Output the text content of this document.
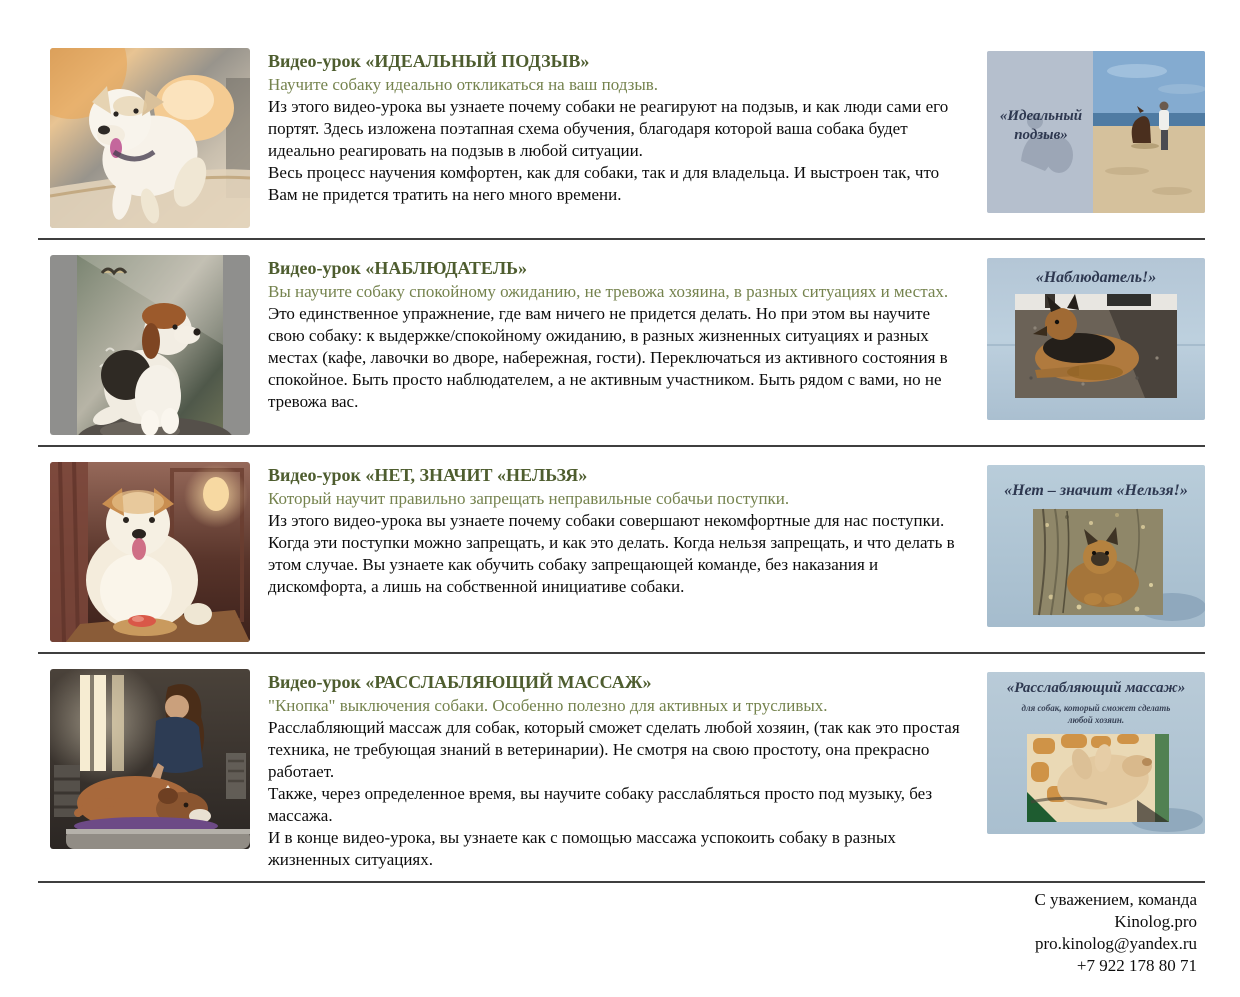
Видео-урок «ИДЕАЛЬНЫЙ ПОДЗЫВ»

Научите собаку идеально откликаться на ваш подзыв.

Из этого видео-урока вы узнаете почему собаки не реагируют на подзыв, и как люди сами его портят. Здесь изложена поэтапная схема обучения, благодаря которой ваша собака будет идеально реагировать на подзыв в любой ситуации.

Весь процесс научения комфортен, как для собаки, так и для владельца. И выстроен так, что Вам не придется тратить на него много времени.

«Идеальный подзыв»
Видео-урок «НАБЛЮДАТЕЛЬ»

Вы научите собаку спокойному ожиданию, не тревожа хозяина, в разных ситуациях и местах.

Это единственное упражнение, где вам ничего не придется делать. Но при этом вы научите свою собаку: к выдержке/спокойному ожиданию, в разных жизненных ситуациях и разных местах (кафе, лавочки во дворе, набережная, гости). Переключаться из активного состояния в спокойное. Быть просто наблюдателем, а не активным участником. Быть рядом с вами, но не тревожа вас.

«Наблюдатель!»
Видео-урок «НЕТ, ЗНАЧИТ «НЕЛЬЗЯ»

Который научит правильно запрещать неправильные собачьи поступки.

Из этого видео-урока вы узнаете почему собаки совершают некомфортные для нас поступки. Когда эти поступки можно запрещать, и как это делать. Когда нельзя запрещать, и что делать в этом случае. Вы узнаете как обучить собаку запрещающей команде, без наказания и дискомфорта, а лишь на собственной инициативе собаки.

«Нет – значит «Нельзя!»
Видео-урок «РАССЛАБЛЯЮЩИЙ МАССАЖ»

"Кнопка" выключения собаки. Особенно полезно для активных и трусливых.

Расслабляющий массаж для собак, который сможет сделать любой хозяин, (так как это простая техника, не требующая знаний в ветеринарии). Не смотря на свою простоту, она прекрасно работает.

Также, через определенное время, вы научите собаку расслабляться просто под музыку, без массажа.

И в конце видео-урока, вы узнаете как с помощью массажа успокоить собаку в разных жизненных ситуациях.

«Расслабляющий массаж»
для собак, который сможет сделать любой хозяин.
С уважением, команда
Kinolog.pro
pro.kinolog@yandex.ru
+7 922 178 80 71
